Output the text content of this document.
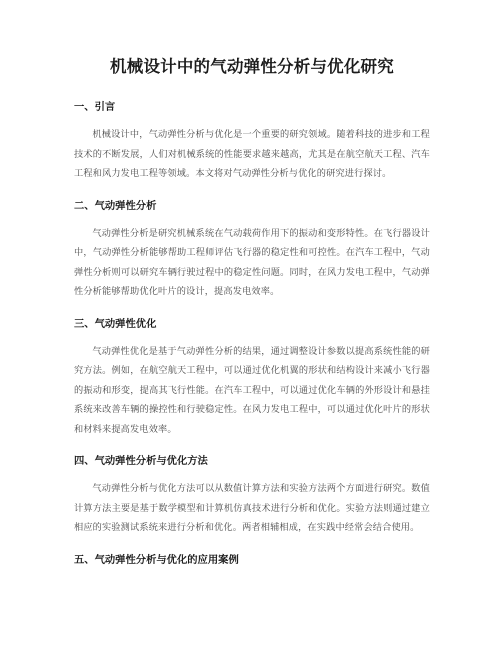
机械设计中的气动弹性分析与优化研究
一、引言

机械设计中，气动弹性分析与优化是一个重要的研究领域。随着科技的进步和工程技术的不断发展，人们对机械系统的性能要求越来越高，尤其是在航空航天工程、汽车工程和风力发电工程等领域。本文将对气动弹性分析与优化的研究进行探讨。

二、气动弹性分析

气动弹性分析是研究机械系统在气动载荷作用下的振动和变形特性。在飞行器设计中，气动弹性分析能够帮助工程师评估飞行器的稳定性和可控性。在汽车工程中，气动弹性分析则可以研究车辆行驶过程中的稳定性问题。同时，在风力发电工程中，气动弹性分析能够帮助优化叶片的设计，提高发电效率。

三、气动弹性优化

气动弹性优化是基于气动弹性分析的结果，通过调整设计参数以提高系统性能的研究方法。例如，在航空航天工程中，可以通过优化机翼的形状和结构设计来减小飞行器的振动和形变，提高其飞行性能。在汽车工程中，可以通过优化车辆的外形设计和悬挂系统来改善车辆的操控性和行驶稳定性。在风力发电工程中，可以通过优化叶片的形状和材料来提高发电效率。

四、气动弹性分析与优化方法

气动弹性分析与优化方法可以从数值计算方法和实验方法两个方面进行研究。数值计算方法主要是基于数学模型和计算机仿真技术进行分析和优化。实验方法则通过建立相应的实验测试系统来进行分析和优化。两者相辅相成，在实践中经常会结合使用。

五、气动弹性分析与优化的应用案例
